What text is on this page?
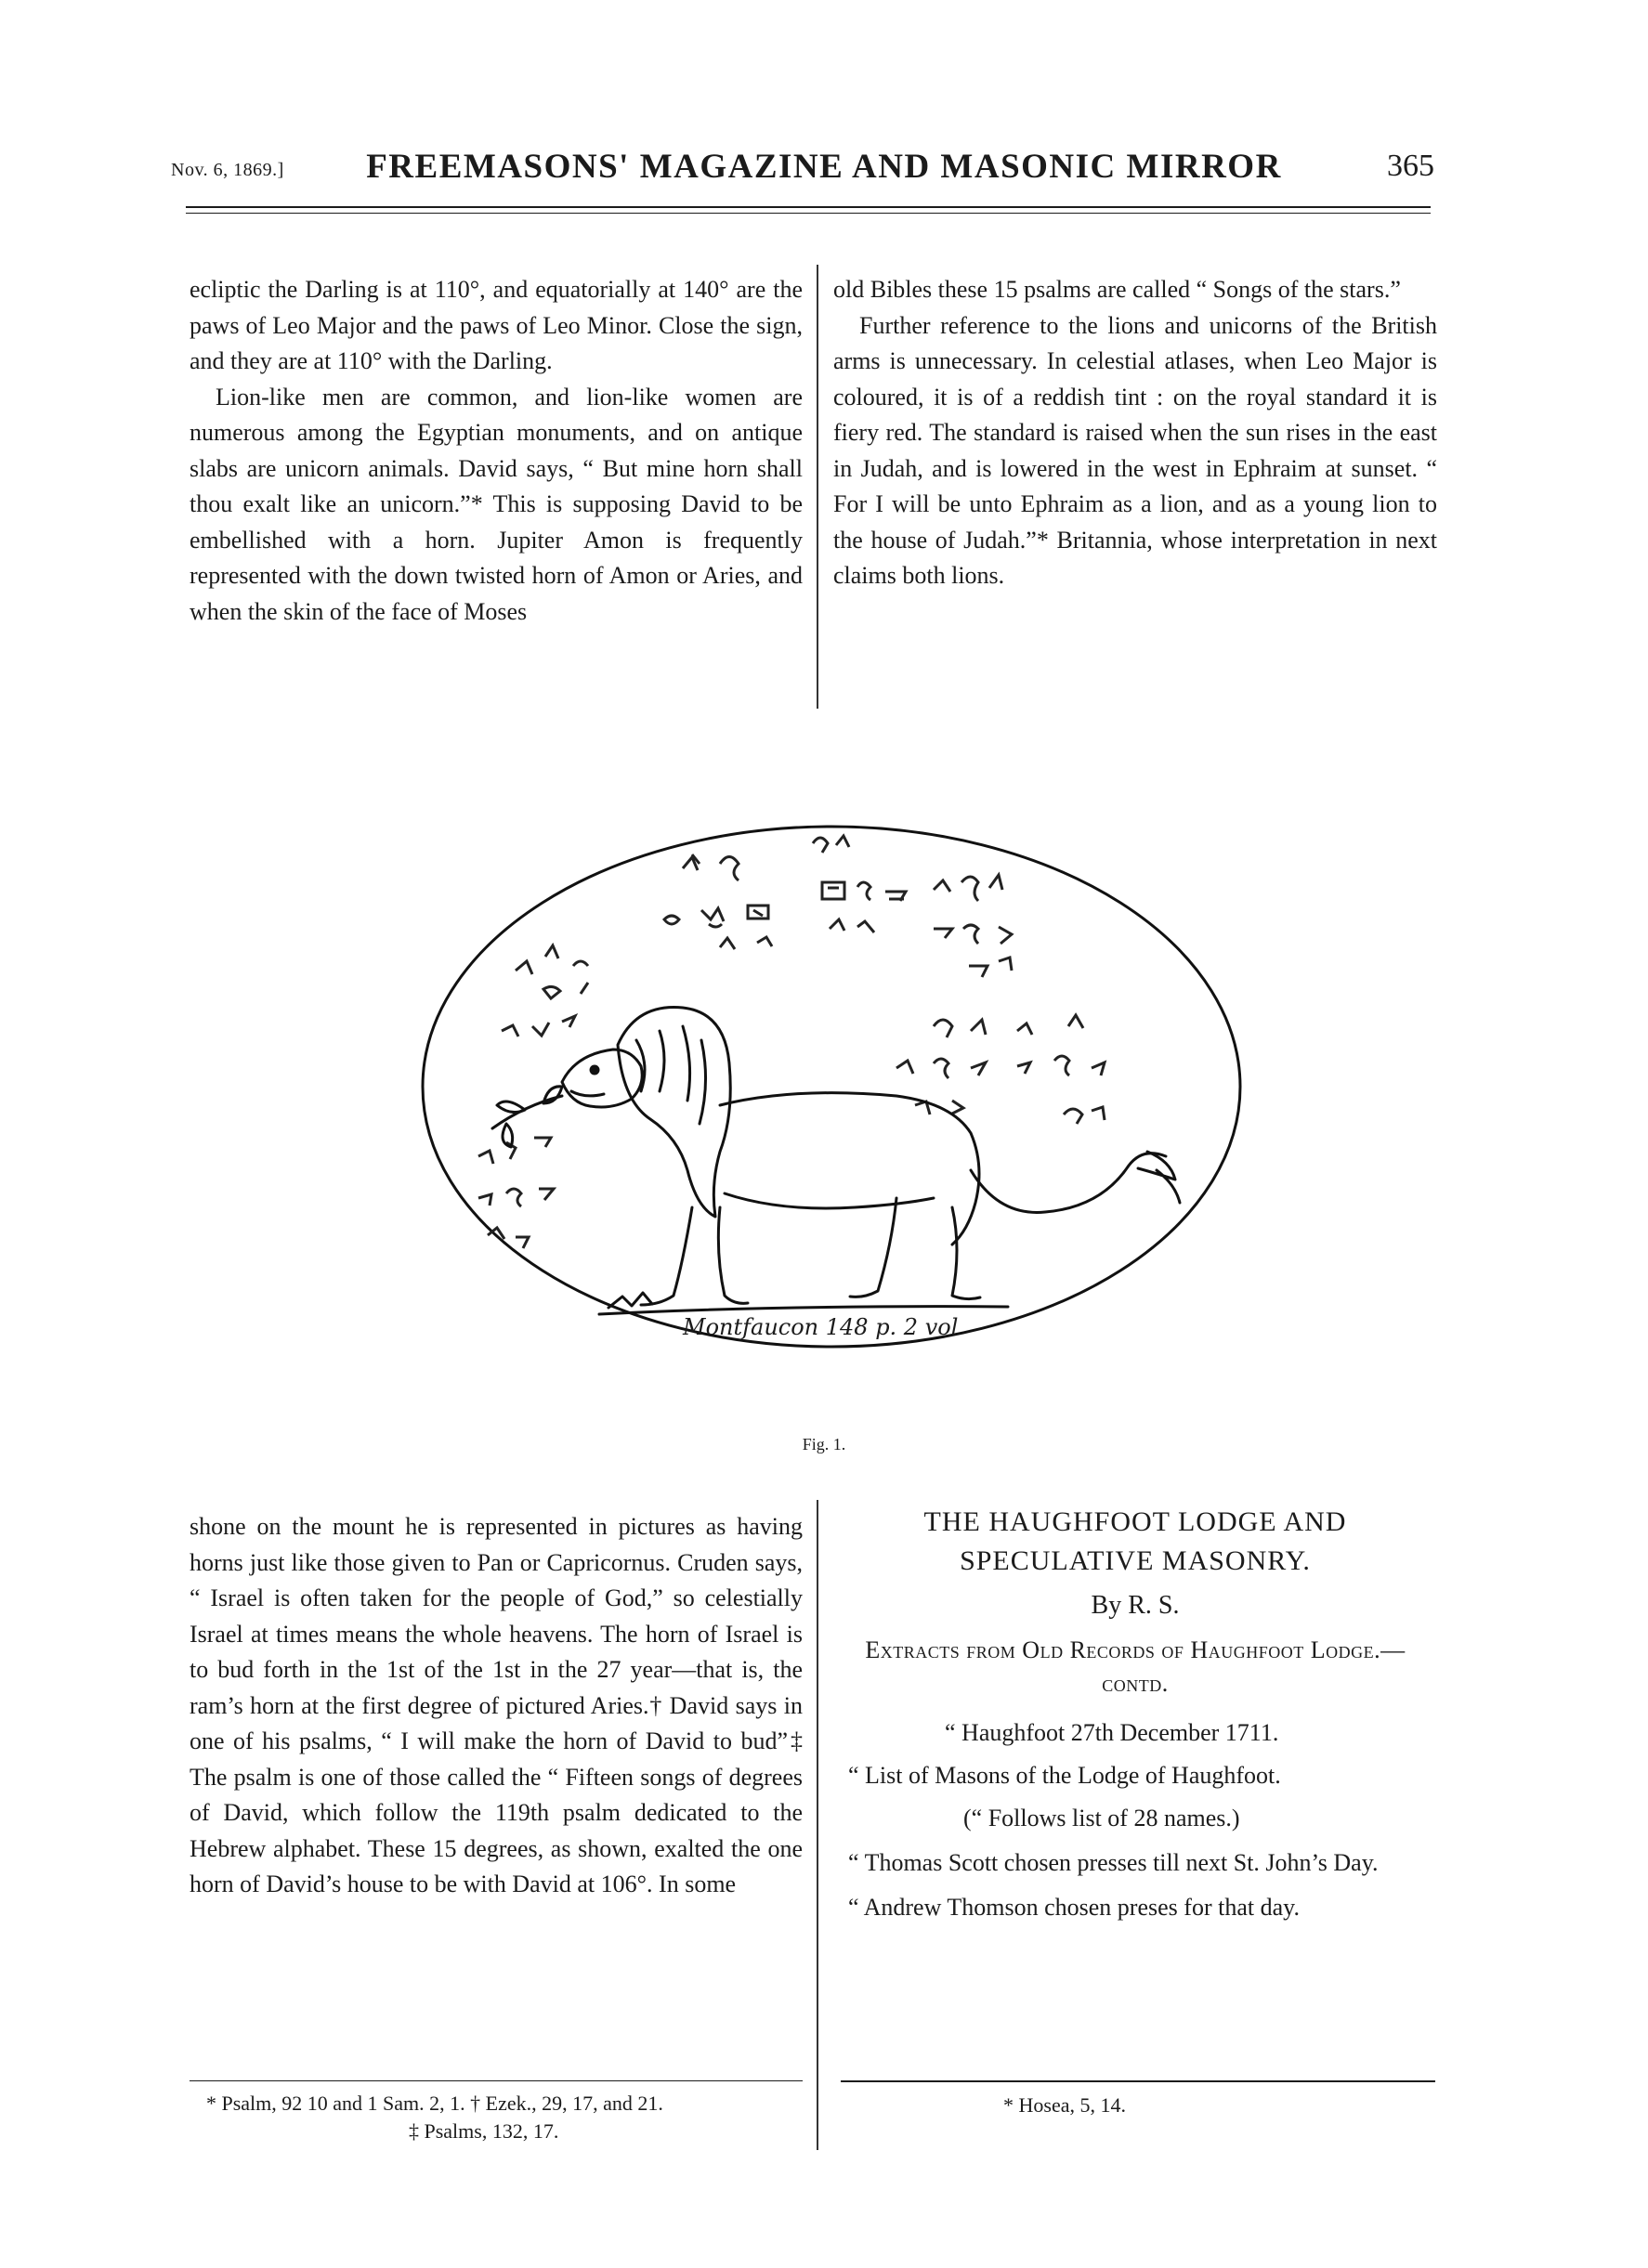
Nov. 6, 1869.]	FREEMASONS' MAGAZINE AND MASONIC MIRROR	365

ecliptic the Darling is at 110°, and equatorially at 140° are the paws of Leo Major and the paws of Leo Minor. Close the sign, and they are at 110° with the Darling.

Lion-like men are common, and lion-like women are numerous among the Egyptian monuments, and on antique slabs are unicorn animals. David says, “ But mine horn shall thou exalt like an unicorn.”* This is supposing David to be embellished with a horn. Jupiter Amon is frequently represented with the down twisted horn of Amon or Aries, and when the skin of the face of Moses

old Bibles these 15 psalms are called “ Songs of the stars.”

Further reference to the lions and unicorns of the British arms is unnecessary. In celestial atlases, when Leo Major is coloured, it is of a reddish tint : on the royal standard it is fiery red. The standard is raised when the sun rises in the east in Judah, and is lowered in the west in Ephraim at sunset. “ For I will be unto Ephraim as a lion, and as a young lion to the house of Judah.”* Britannia, whose interpretation in next claims both lions.

Montfaucon 148 p. 2 vol
Fig. 1.

shone on the mount he is represented in pictures as having horns just like those given to Pan or Capricornus. Cruden says, “ Israel is often taken for the people of God,” so celestially Israel at times means the whole heavens. The horn of Israel is to bud forth in the 1st of the 1st in the 27 year—that is, the ram’s horn at the first degree of pictured Aries.† David says in one of his psalms, “ I will make the horn of David to bud”‡ The psalm is one of those called the “ Fifteen songs of degrees of David, which follow the 119th psalm dedicated to the Hebrew alphabet. These 15 degrees, as shown, exalted the one horn of David’s house to be with David at 106°. In some

* Psalm, 92 10 and 1 Sam. 2, 1. † Ezek., 29, 17, and 21.
‡ Psalms, 132, 17.
THE HAUGHFOOT LODGE AND SPECULATIVE MASONRY.
By R. S.
Extracts from Old Records of Haughfoot Lodge.—contd.
“ Haughfoot 27th December 1711.
“ List of Masons of the Lodge of Haughfoot.
(“ Follows list of 28 names.)
“ Thomas Scott chosen presses till next St. John’s Day.
“ Andrew Thomson chosen preses for that day.
* Hosea, 5, 14.
